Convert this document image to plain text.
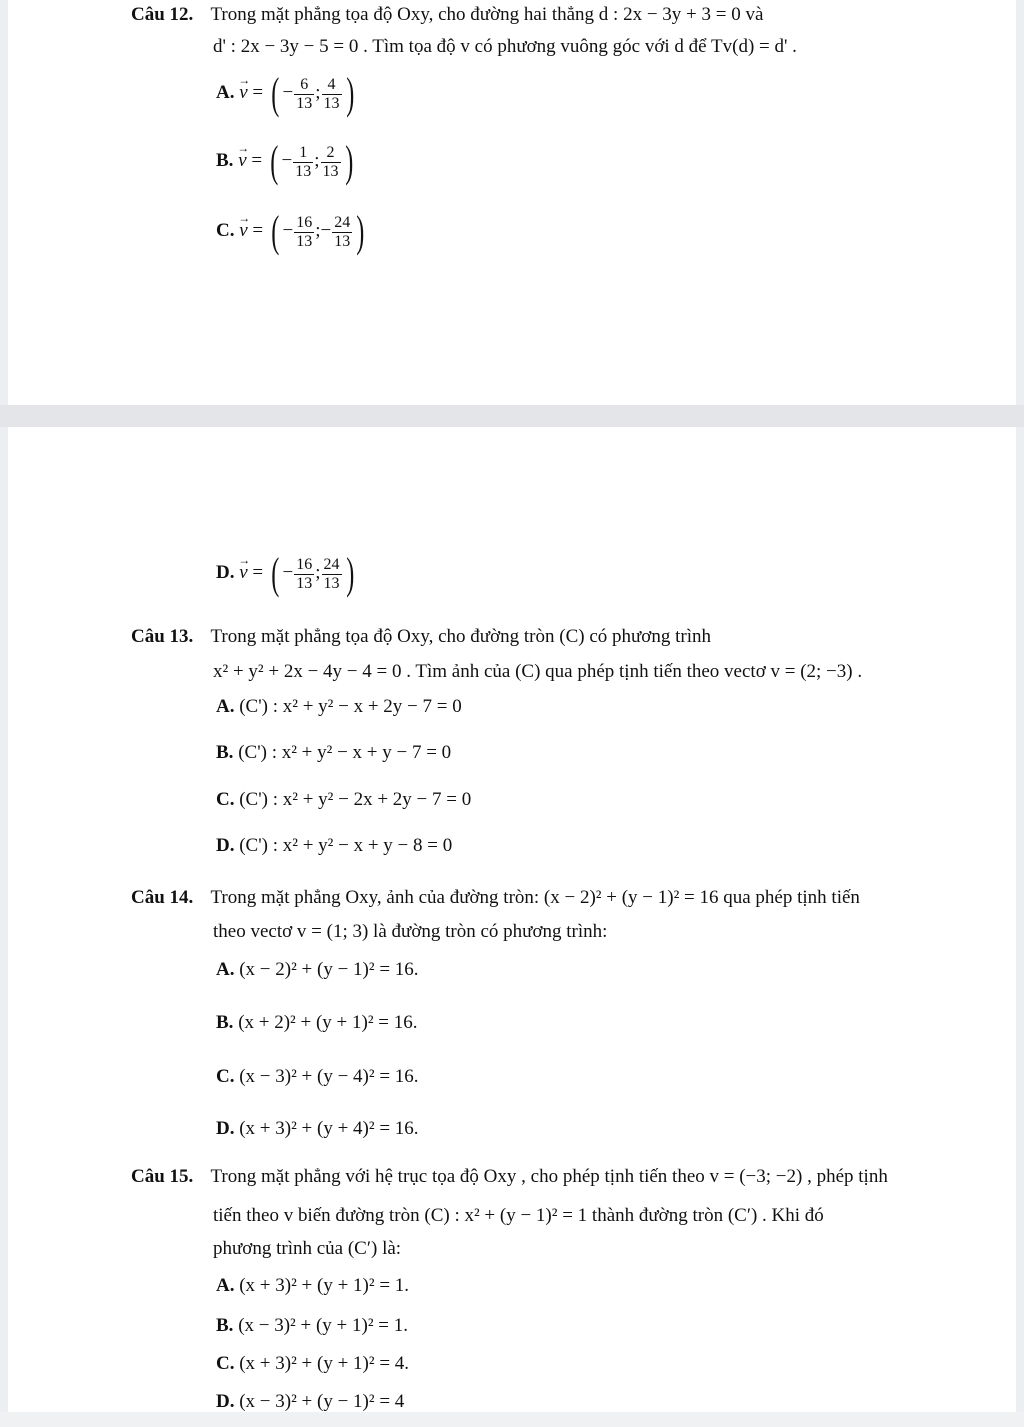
Câu 12. Trong mặt phẳng tọa độ Oxy, cho đường hai thẳng d : 2x − 3y + 3 = 0 và
d' : 2x − 3y − 5 = 0 . Tìm tọa độ v có phương vuông góc với d để Tv(d) = d' .
A. → v = ( − $\frac{6}{13}$ ; $\frac{4}{13}$ )
B. → v = ( − $\frac{1}{13}$ ; $\frac{2}{13}$ )
C. → v = ( − $\frac{16}{13}$ ;− $\frac{24}{13}$ )
D. → v = ( − $\frac{16}{13}$ ; $\frac{24}{13}$ )
Câu 13. Trong mặt phẳng tọa độ Oxy, cho đường tròn (C) có phương trình
x² + y² + 2x − 4y − 4 = 0 . Tìm ảnh của (C) qua phép tịnh tiến theo vectơ v = (2; −3) .
A. (C') : x² + y² − x + 2y − 7 = 0
B. (C') : x² + y² − x + y − 7 = 0
C. (C') : x² + y² − 2x + 2y − 7 = 0
D. (C') : x² + y² − x + y − 8 = 0
Câu 14. Trong mặt phẳng Oxy, ảnh của đường tròn: (x − 2)² + (y − 1)² = 16 qua phép tịnh tiến
theo vectơ v = (1; 3) là đường tròn có phương trình:
A. (x − 2)² + (y − 1)² = 16.
B. (x + 2)² + (y + 1)² = 16.
C. (x − 3)² + (y − 4)² = 16.
D. (x + 3)² + (y + 4)² = 16.
Câu 15. Trong mặt phẳng với hệ trục tọa độ Oxy , cho phép tịnh tiến theo v = (−3; −2) , phép tịnh
tiến theo v biến đường tròn (C) : x² + (y − 1)² = 1 thành đường tròn (C′) . Khi đó
phương trình của (C′) là:
A. (x + 3)² + (y + 1)² = 1.
B. (x − 3)² + (y + 1)² = 1.
C. (x + 3)² + (y + 1)² = 4.
D. (x − 3)² + (y − 1)² = 4
